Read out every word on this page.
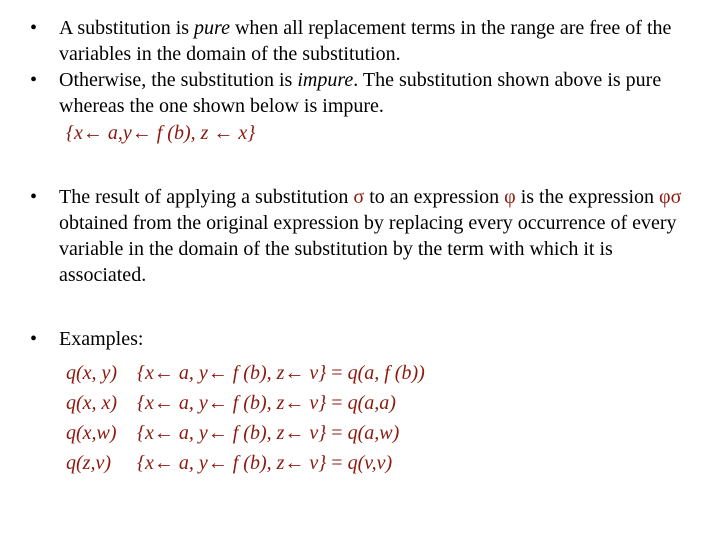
•	A substitution is pure when all replacement terms in the range are free of the variables in the domain of the substitution.
•	Otherwise, the substitution is impure. The substitution shown above is pure whereas the one shown below is impure.
{x← a,y← f (b), z ← x}
•	The result of applying a substitution σ to an expression φ is the expression φσ obtained from the original expression by replacing every occurrence of every variable in the domain of the substitution by the term with which it is associated.
•	Examples:
q(x, y) {x← a, y← f (b), z← v} = q(a, f (b))
q(x, x) {x← a, y← f (b), z← v} = q(a,a)
q(x,w) {x← a, y← f (b), z← v} = q(a,w)
q(z,v) {x← a, y← f (b), z← v} = q(v,v)
